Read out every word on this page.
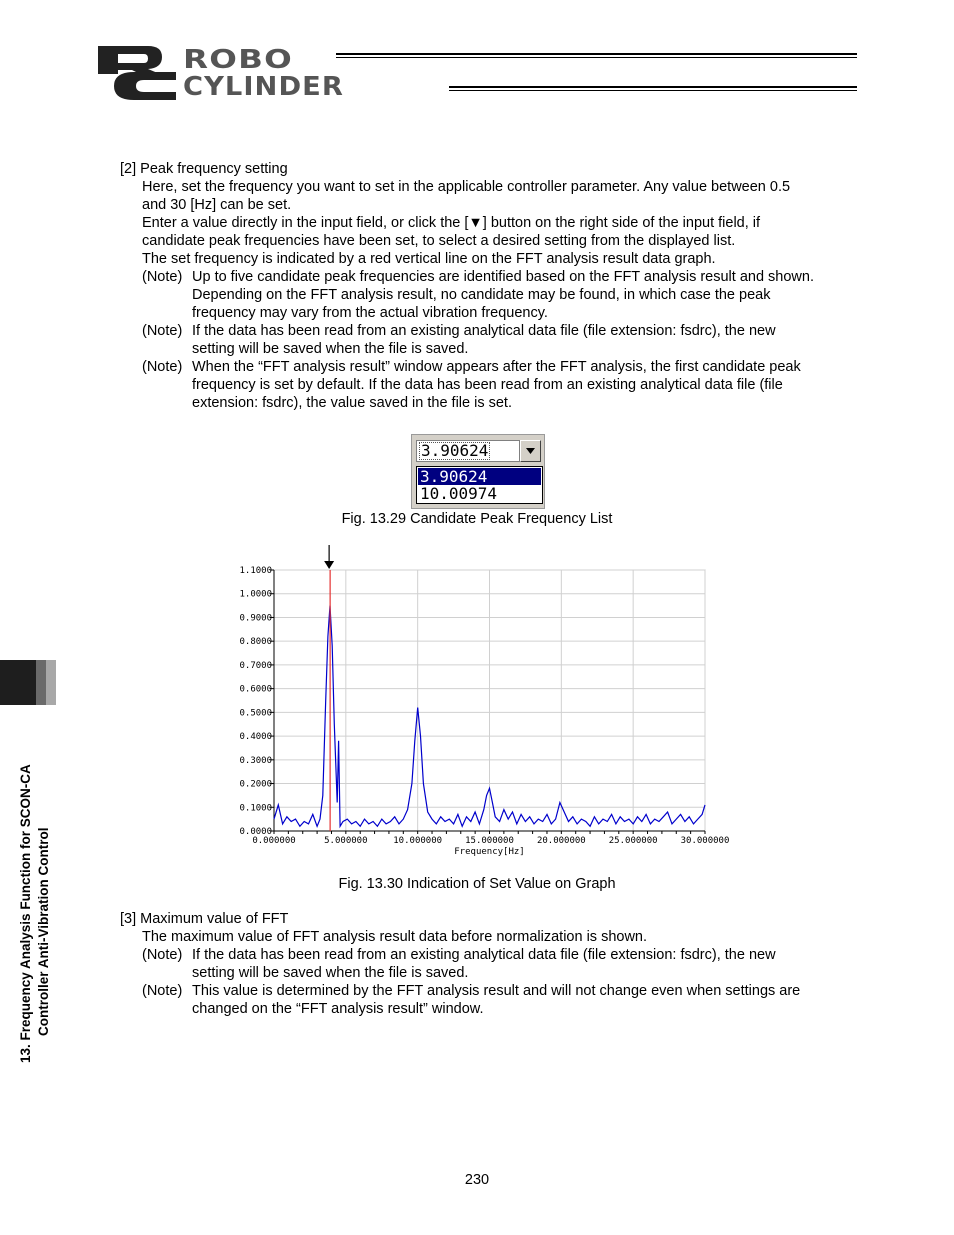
ROBO
CYLINDER
[2] Peak frequency setting
Here, set the frequency you want to set in the applicable controller parameter. Any value between 0.5
and 30 [Hz] can be set.
Enter a value directly in the input field, or click the [▼] button on the right side of the input field, if
candidate peak frequencies have been set, to select a desired setting from the displayed list.
The set frequency is indicated by a red vertical line on the FFT analysis result data graph.
(Note) Up to five candidate peak frequencies are identified based on the FFT analysis result and shown.
Depending on the FFT analysis result, no candidate may be found, in which case the peak
frequency may vary from the actual vibration frequency.
(Note) If the data has been read from an existing analytical data file (file extension: fsdrc), the new
setting will be saved when the file is saved.
(Note) When the “FFT analysis result” window appears after the FFT analysis, the first candidate peak
frequency is set by default. If the data has been read from an existing analytical data file (file
extension: fsdrc), the value saved in the file is set.
3.90624
3.90624
10.00974
Fig. 13.29 Candidate Peak Frequency List
0.0000
0.1000
0.2000
0.3000
0.4000
0.5000
0.6000
0.7000
0.8000
0.9000
1.0000
1.1000
0.000000	5.000000	10.000000	15.000000	20.000000	25.000000	30.000000
Frequency[Hz]
Fig. 13.30 Indication of Set Value on Graph
[3] Maximum value of FFT
The maximum value of FFT analysis result data before normalization is shown.
(Note) If the data has been read from an existing analytical data file (file extension: fsdrc), the new
setting will be saved when the file is saved.
(Note) This value is determined by the FFT analysis result and will not change even when settings are
changed on the “FFT analysis result” window.
13. Frequency Analysis Function for SCON-CA Controller Anti-Vibration Control
230
